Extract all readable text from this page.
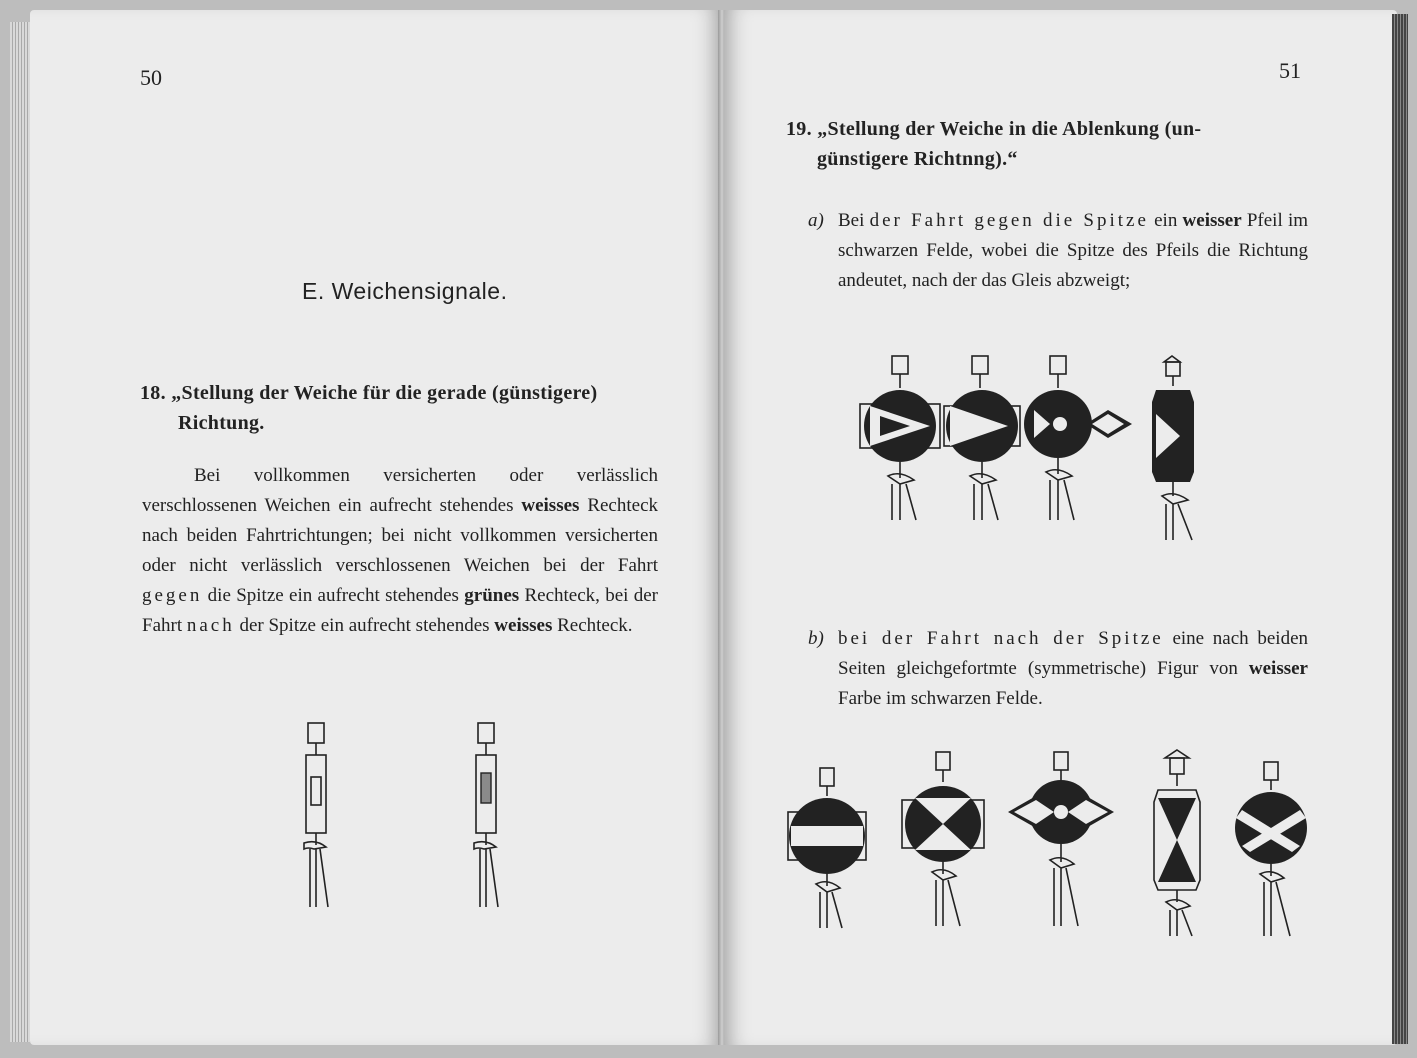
50

E. Weichensignale.

18. „Stellung der Weiche für die gerade (günstigere)
Richtung.

Bei vollkommen versicherten oder verlässlich verschlossenen Weichen ein aufrecht stehendes weisses Rechteck nach beiden Fahrtrichtungen; bei nicht vollkommen versicherten oder nicht verlässlich verschlossenen Weichen bei der Fahrt gegen die Spitze ein aufrecht stehendes grünes Rechteck, bei der Fahrt nach der Spitze ein aufrecht stehendes weisses Rechteck.

51

19. „Stellung der Weiche in die Ablenkung (un-
günstigere Richtnng).“
a) Bei der Fahrt gegen die Spitze ein weisser Pfeil im schwarzen Felde, wobei die Spitze des Pfeils die Richtung andeutet, nach der das Gleis abzweigt;

b) bei der Fahrt nach der Spitze eine nach beiden Seiten gleichgefortmte (symmetrische) Figur von weisser Farbe im schwarzen Felde.
